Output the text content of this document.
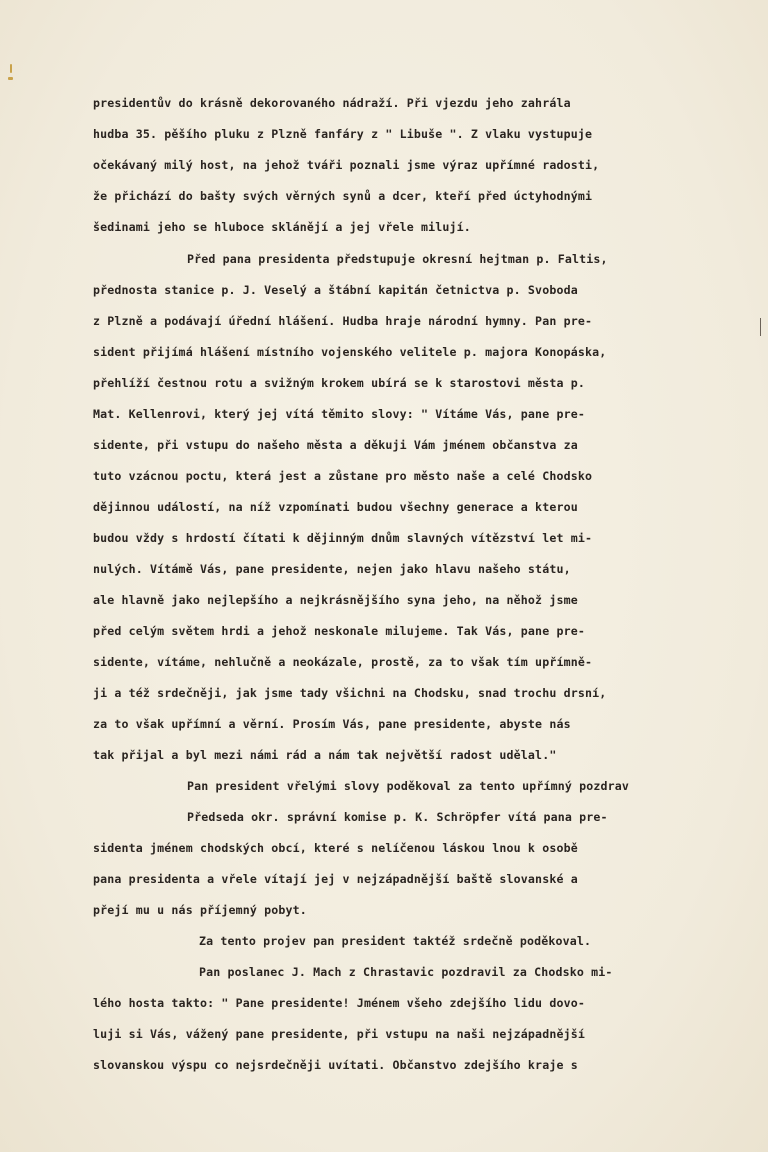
presidentův do krásně dekorovaného nádraží. Při vjezdu jeho zahrála
hudba 35. pěšího pluku z Plzně fanfáry z " Libuše ". Z vlaku vystupuje
očekávaný milý host, na jehož tváři poznali jsme výraz upřímné radosti,
že přichází do bašty svých věrných synů a dcer, kteří před úctyhodnými
šedinami jeho se hluboce sklánějí a jej vřele milují.
Před pana presidenta předstupuje okresní hejtman p. Faltis,
přednosta stanice p. J. Veselý a štábní kapitán četnictva p. Svoboda
z Plzně a podávají úřední hlášení. Hudba hraje národní hymny. Pan pre-
sident přijímá hlášení místního vojenského velitele p. majora Konopáska,
přehlíží čestnou rotu a svižným krokem ubírá se k starostovi města p.
Mat. Kellenrovi, který jej vítá těmito slovy: " Vítáme Vás, pane pre-
sidente, při vstupu do našeho města a děkuji Vám jménem občanstva za
tuto vzácnou poctu, která jest a zůstane pro město naše a celé Chodsko
dějinnou událostí, na níž vzpomínati budou všechny generace a kterou
budou vždy s hrdostí čítati k dějinným dnům slavných vítězství let mi-
nulých. Vítámě Vás, pane presidente, nejen jako hlavu našeho státu,
ale hlavně jako nejlepšího a nejkrásnějšího syna jeho, na něhož jsme
před celým světem hrdi a jehož neskonale milujeme. Tak Vás, pane pre-
sidente, vítáme, nehlučně a neokázale, prostě, za to však tím upřímně-
ji a též srdečněji, jak jsme tady všichni na Chodsku, snad trochu drsní,
za to však upřímní a věrní. Prosím Vás, pane presidente, abyste nás
tak přijal a byl mezi námi rád a nám tak největší radost udělal."
Pan president vřelými slovy poděkoval za tento upřímný pozdrav
Předseda okr. správní komise p. K. Schröpfer vítá pana pre-
sidenta jménem chodských obcí, které s nelíčenou láskou lnou k osobě
pana presidenta a vřele vítají jej v nejzápadnější baště slovanské a
přejí mu u nás příjemný pobyt.
Za tento projev pan president taktéž srdečně poděkoval.
Pan poslanec J. Mach z Chrastavic pozdravil za Chodsko mi-
lého hosta takto: " Pane presidente! Jménem všeho zdejšího lidu dovo-
luji si Vás, vážený pane presidente, při vstupu na naši nejzápadnější
slovanskou výspu co nejsrdečněji uvítati. Občanstvo zdejšího kraje s
